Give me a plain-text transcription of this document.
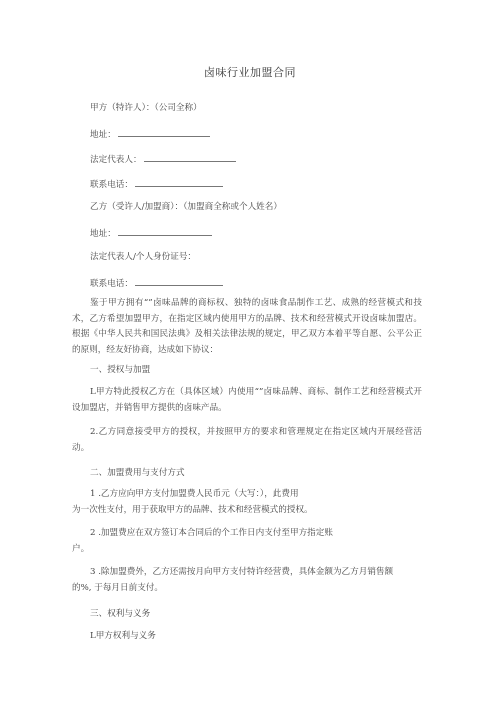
卤味行业加盟合同
甲方（特许人）：（公司全称）
地址：
法定代表人：
联系电话：
乙方（受许人/加盟商）：（加盟商全称或个人姓名）
地址：
法定代表人/个人身份证号：
联系电话：
鉴于甲方拥有“”卤味品牌的商标权、独特的卤味食品制作工艺、成熟的经营模式和技术，乙方希望加盟甲方，在指定区域内使用甲方的品牌、技术和经营模式开设卤味加盟店。根据《中华人民共和国民法典》及相关法律法规的规定，甲乙双方本着平等自愿、公平公正的原则，经友好协商，达成如下协议：
一、授权与加盟
L甲方特此授权乙方在（具体区域）内使用“”卤味品牌、商标、制作工艺和经营模式开设加盟店，并销售甲方提供的卤味产品。
2.乙方同意接受甲方的授权，并按照甲方的要求和管理规定在指定区域内开展经营活动。
二、加盟费用与支付方式
1 .乙方应向甲方支付加盟费人民币元（大写：），此费用
为一次性支付，用于获取甲方的品牌、技术和经营模式的授权。
2 .加盟费应在双方签订本合同后的个工作日内支付至甲方指定账
户。
3 .除加盟费外，乙方还需按月向甲方支付特许经营费，具体金额为乙方月销售额
的%, 于每月日前支付。
三、权利与义务
L甲方权利与义务
